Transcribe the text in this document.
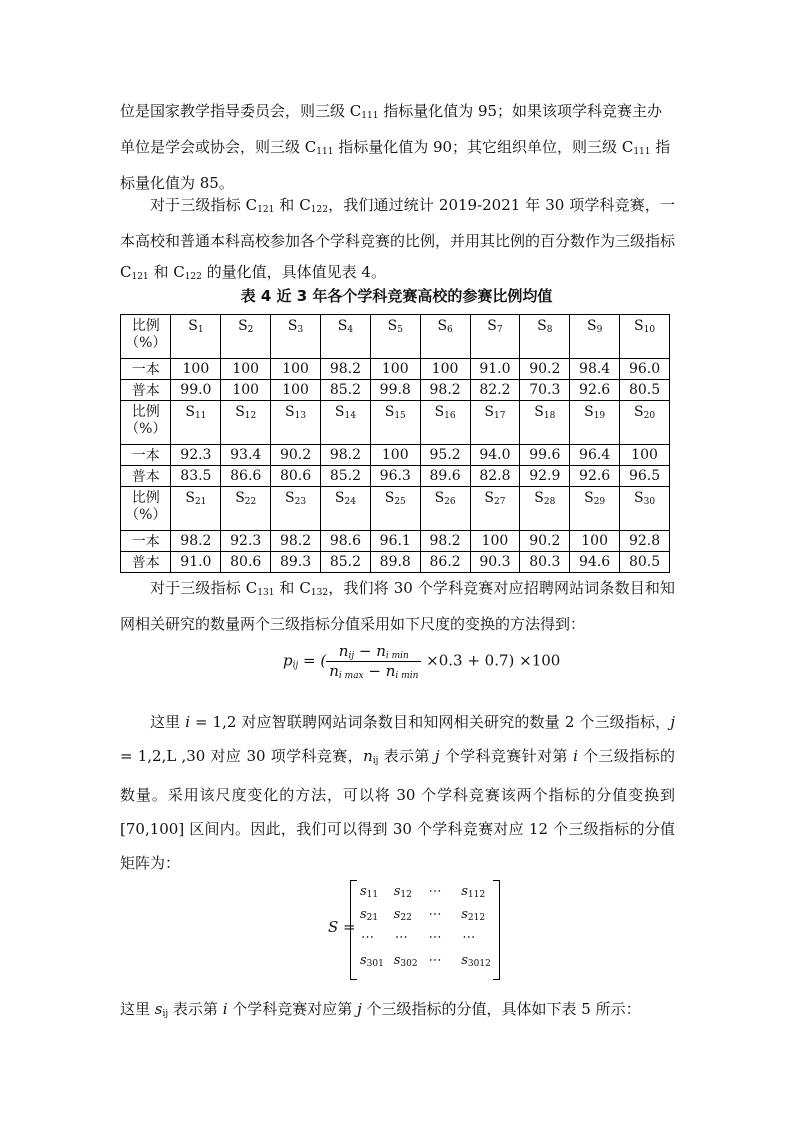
位是国家教学指导委员会，则三级 $C_{111}$ 指标量化值为 95；如果该项学科竞赛主办

单位是学会或协会，则三级 $C_{111}$ 指标量化值为 90；其它组织单位，则三级 $C_{111}$ 指

标量化值为 85。

对于三级指标 $C_{121}$ 和 $C_{122}$，我们通过统计 2019-2021 年 30 项学科竞赛，一本高校和普通本科高校参加各个学科竞赛的比例，并用其比例的百分数作为三级指标 $C_{121}$ 和 $C_{122}$ 的量化值，具体值见表 4。

表 4 近 3 年各个学科竞赛高校的参赛比例均值
比例
（%）	$S_1$	$S_2$	$S_3$	$S_4$	$S_5$	$S_6$	$S_7$	$S_8$	$S_9$	$S_{10}$
一本	100	100	100	98.2	100	100	91.0	90.2	98.4	96.0
普本	99.0	100	100	85.2	99.8	98.2	82.2	70.3	92.6	80.5

比例
（%）	$S_{11}$	$S_{12}$	$S_{13}$	$S_{14}$	$S_{15}$	$S_{16}$	$S_{17}$	$S_{18}$	$S_{19}$	$S_{20}$
一本	92.3	93.4	90.2	98.2	100	95.2	94.0	99.6	96.4	100
普本	83.5	86.6	80.6	85.2	96.3	89.6	82.8	92.9	92.6	96.5

比例
（%）	$S_{21}$	$S_{22}$	$S_{23}$	$S_{24}$	$S_{25}$	$S_{26}$	$S_{27}$	$S_{28}$	$S_{29}$	$S_{30}$
一本	98.2	92.3	98.2	98.6	96.1	98.2	100	90.2	100	92.8
普本	91.0	80.6	89.3	85.2	89.8	86.2	90.3	80.3	94.6	80.5

对于三级指标 $C_{131}$ 和 $C_{132}$，我们将 30 个学科竞赛对应招聘网站词条数目和知网相关研究的数量两个三级指标分值采用如下尺度的变换的方法得到：

$p_{ij}$ = ( $\frac{n_{ij} - n_{i min}}{n_{i max} - n_{i min}} \times 0.3 + 0.7) \times 100$

这里 i = 1,2 对应智联聘网站词条数目和知网相关研究的数量 2 个三级指标，j = 1,2,L ,30 对应 30 项学科竞赛，$n_{ij}$ 表示第 j 个学科竞赛针对第 i 个三级指标的数量。采用该尺度变化的方法，可以将 30 个学科竞赛该两个指标的分值变换到 [70,100] 区间内。因此，我们可以得到 30 个学科竞赛对应 12 个三级指标的分值矩阵为：

S =
$s_{11}$	$s_{12}$	⋯	$s_{112}$
$s_{21}$	$s_{22}$	⋯	$s_{212}$
⋯	⋯	⋯	⋯
$s_{301}$ $s_{302}$ ⋯	$s_{3012}$

这里 $s_{ij}$ 表示第 i 个学科竞赛对应第 j 个三级指标的分值，具体如下表 5 所示：
